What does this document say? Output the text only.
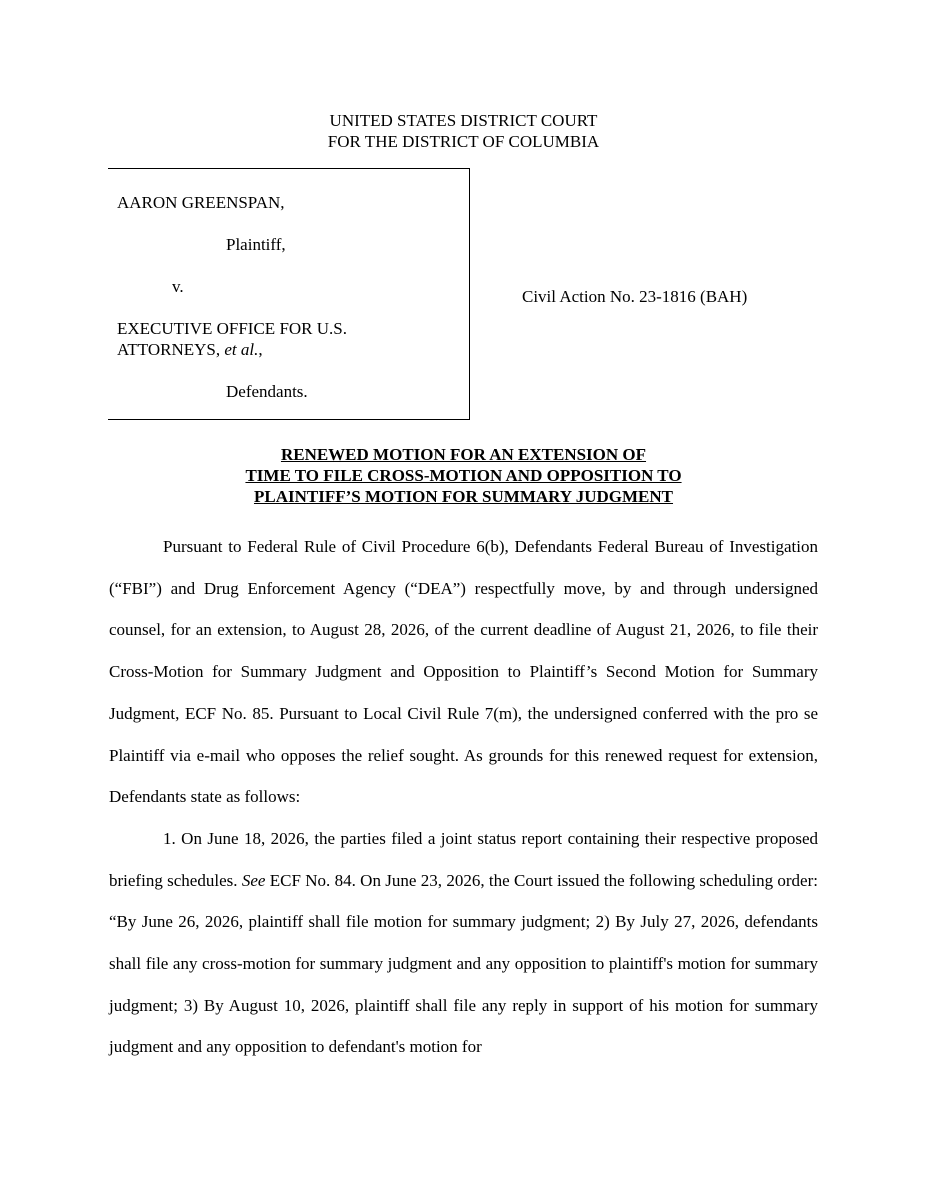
UNITED STATES DISTRICT COURT
FOR THE DISTRICT OF COLUMBIA
AARON GREENSPAN,
Plaintiff,
v.
EXECUTIVE OFFICE FOR U.S.
ATTORNEYS, et al.,
Defendants.
Civil Action No. 23-1816 (BAH)
RENEWED MOTION FOR AN EXTENSION OF
TIME TO FILE CROSS-MOTION AND OPPOSITION TO
PLAINTIFF’S MOTION FOR SUMMARY JUDGMENT

Pursuant to Federal Rule of Civil Procedure 6(b), Defendants Federal Bureau of Investigation (“FBI”) and Drug Enforcement Agency (“DEA”) respectfully move, by and through undersigned counsel, for an extension, to August 28, 2026, of the current deadline of August 21, 2026, to file their Cross-Motion for Summary Judgment and Opposition to Plaintiff’s Second Motion for Summary Judgment, ECF No. 85. Pursuant to Local Civil Rule 7(m), the undersigned conferred with the pro se Plaintiff via e-mail who opposes the relief sought. As grounds for this renewed request for extension, Defendants state as follows:

1. On June 18, 2026, the parties filed a joint status report containing their respective proposed briefing schedules. See ECF No. 84. On June 23, 2026, the Court issued the following scheduling order: “By June 26, 2026, plaintiff shall file motion for summary judgment; 2) By July 27, 2026, defendants shall file any cross-motion for summary judgment and any opposition to plaintiff's motion for summary judgment; 3) By August 10, 2026, plaintiff shall file any reply in support of his motion for summary judgment and any opposition to defendant's motion for
